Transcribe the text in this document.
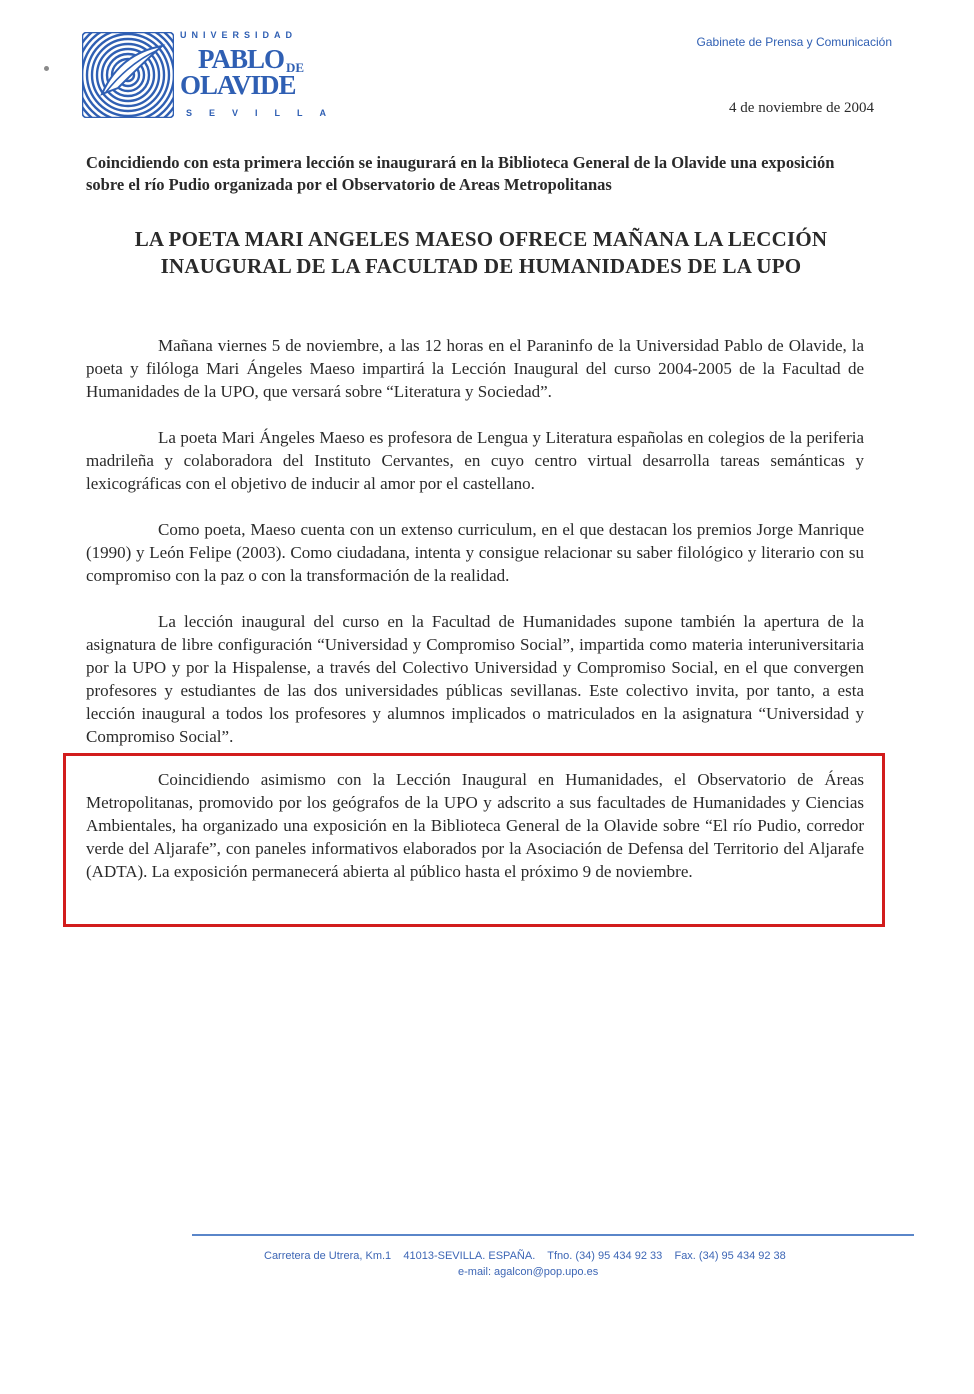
UNIVERSIDAD
PABLO DE
OLAVIDE
SEVILLA
Gabinete de Prensa y Comunicación
4 de noviembre de 2004
Coincidiendo con esta primera lección se inaugurará en la Biblioteca General de la Olavide una exposición sobre el río Pudio organizada por el Observatorio de Areas Metropolitanas
LA POETA MARI ANGELES MAESO OFRECE MAÑANA LA LECCIÓN INAUGURAL DE LA FACULTAD DE HUMANIDADES DE LA UPO

Mañana viernes 5 de noviembre, a las 12 horas en el Paraninfo de la Universidad Pablo de Olavide, la poeta y filóloga Mari Ángeles Maeso impartirá la Lección Inaugural del curso 2004-2005 de la Facultad de Humanidades de la UPO, que versará sobre “Literatura y Sociedad”.

La poeta Mari Ángeles Maeso es profesora de Lengua y Literatura españolas en colegios de la periferia madrileña y colaboradora del Instituto Cervantes, en cuyo centro virtual desarrolla tareas semánticas y lexicográficas con el objetivo de inducir al amor por el castellano.

Como poeta, Maeso cuenta con un extenso curriculum, en el que destacan los premios Jorge Manrique (1990) y León Felipe (2003). Como ciudadana, intenta y consigue relacionar su saber filológico y literario con su compromiso con la paz o con la transformación de la realidad.

La lección inaugural del curso en la Facultad de Humanidades supone también la apertura de la asignatura de libre configuración “Universidad y Compromiso Social”, impartida como materia interuniversitaria por la UPO y por la Hispalense, a través del Colectivo Universidad y Compromiso Social, en el que convergen profesores y estudiantes de las dos universidades públicas sevillanas. Este colectivo invita, por tanto, a esta lección inaugural a todos los profesores y alumnos implicados o matriculados en la asignatura “Universidad y Compromiso Social”.

Coincidiendo asimismo con la Lección Inaugural en Humanidades, el Observatorio de Áreas Metropolitanas, promovido por los geógrafos de la UPO y adscrito a sus facultades de Humanidades y Ciencias Ambientales, ha organizado una exposición en la Biblioteca General de la Olavide sobre “El río Pudio, corredor verde del Aljarafe”, con paneles informativos elaborados por la Asociación de Defensa del Territorio del Aljarafe (ADTA). La exposición permanecerá abierta al público hasta el próximo 9 de noviembre.

Carretera de Utrera, Km.1    41013-SEVILLA. ESPAÑA.    Tfno. (34) 95 434 92 33    Fax. (34) 95 434 92 38
e-mail: agalcon@pop.upo.es
